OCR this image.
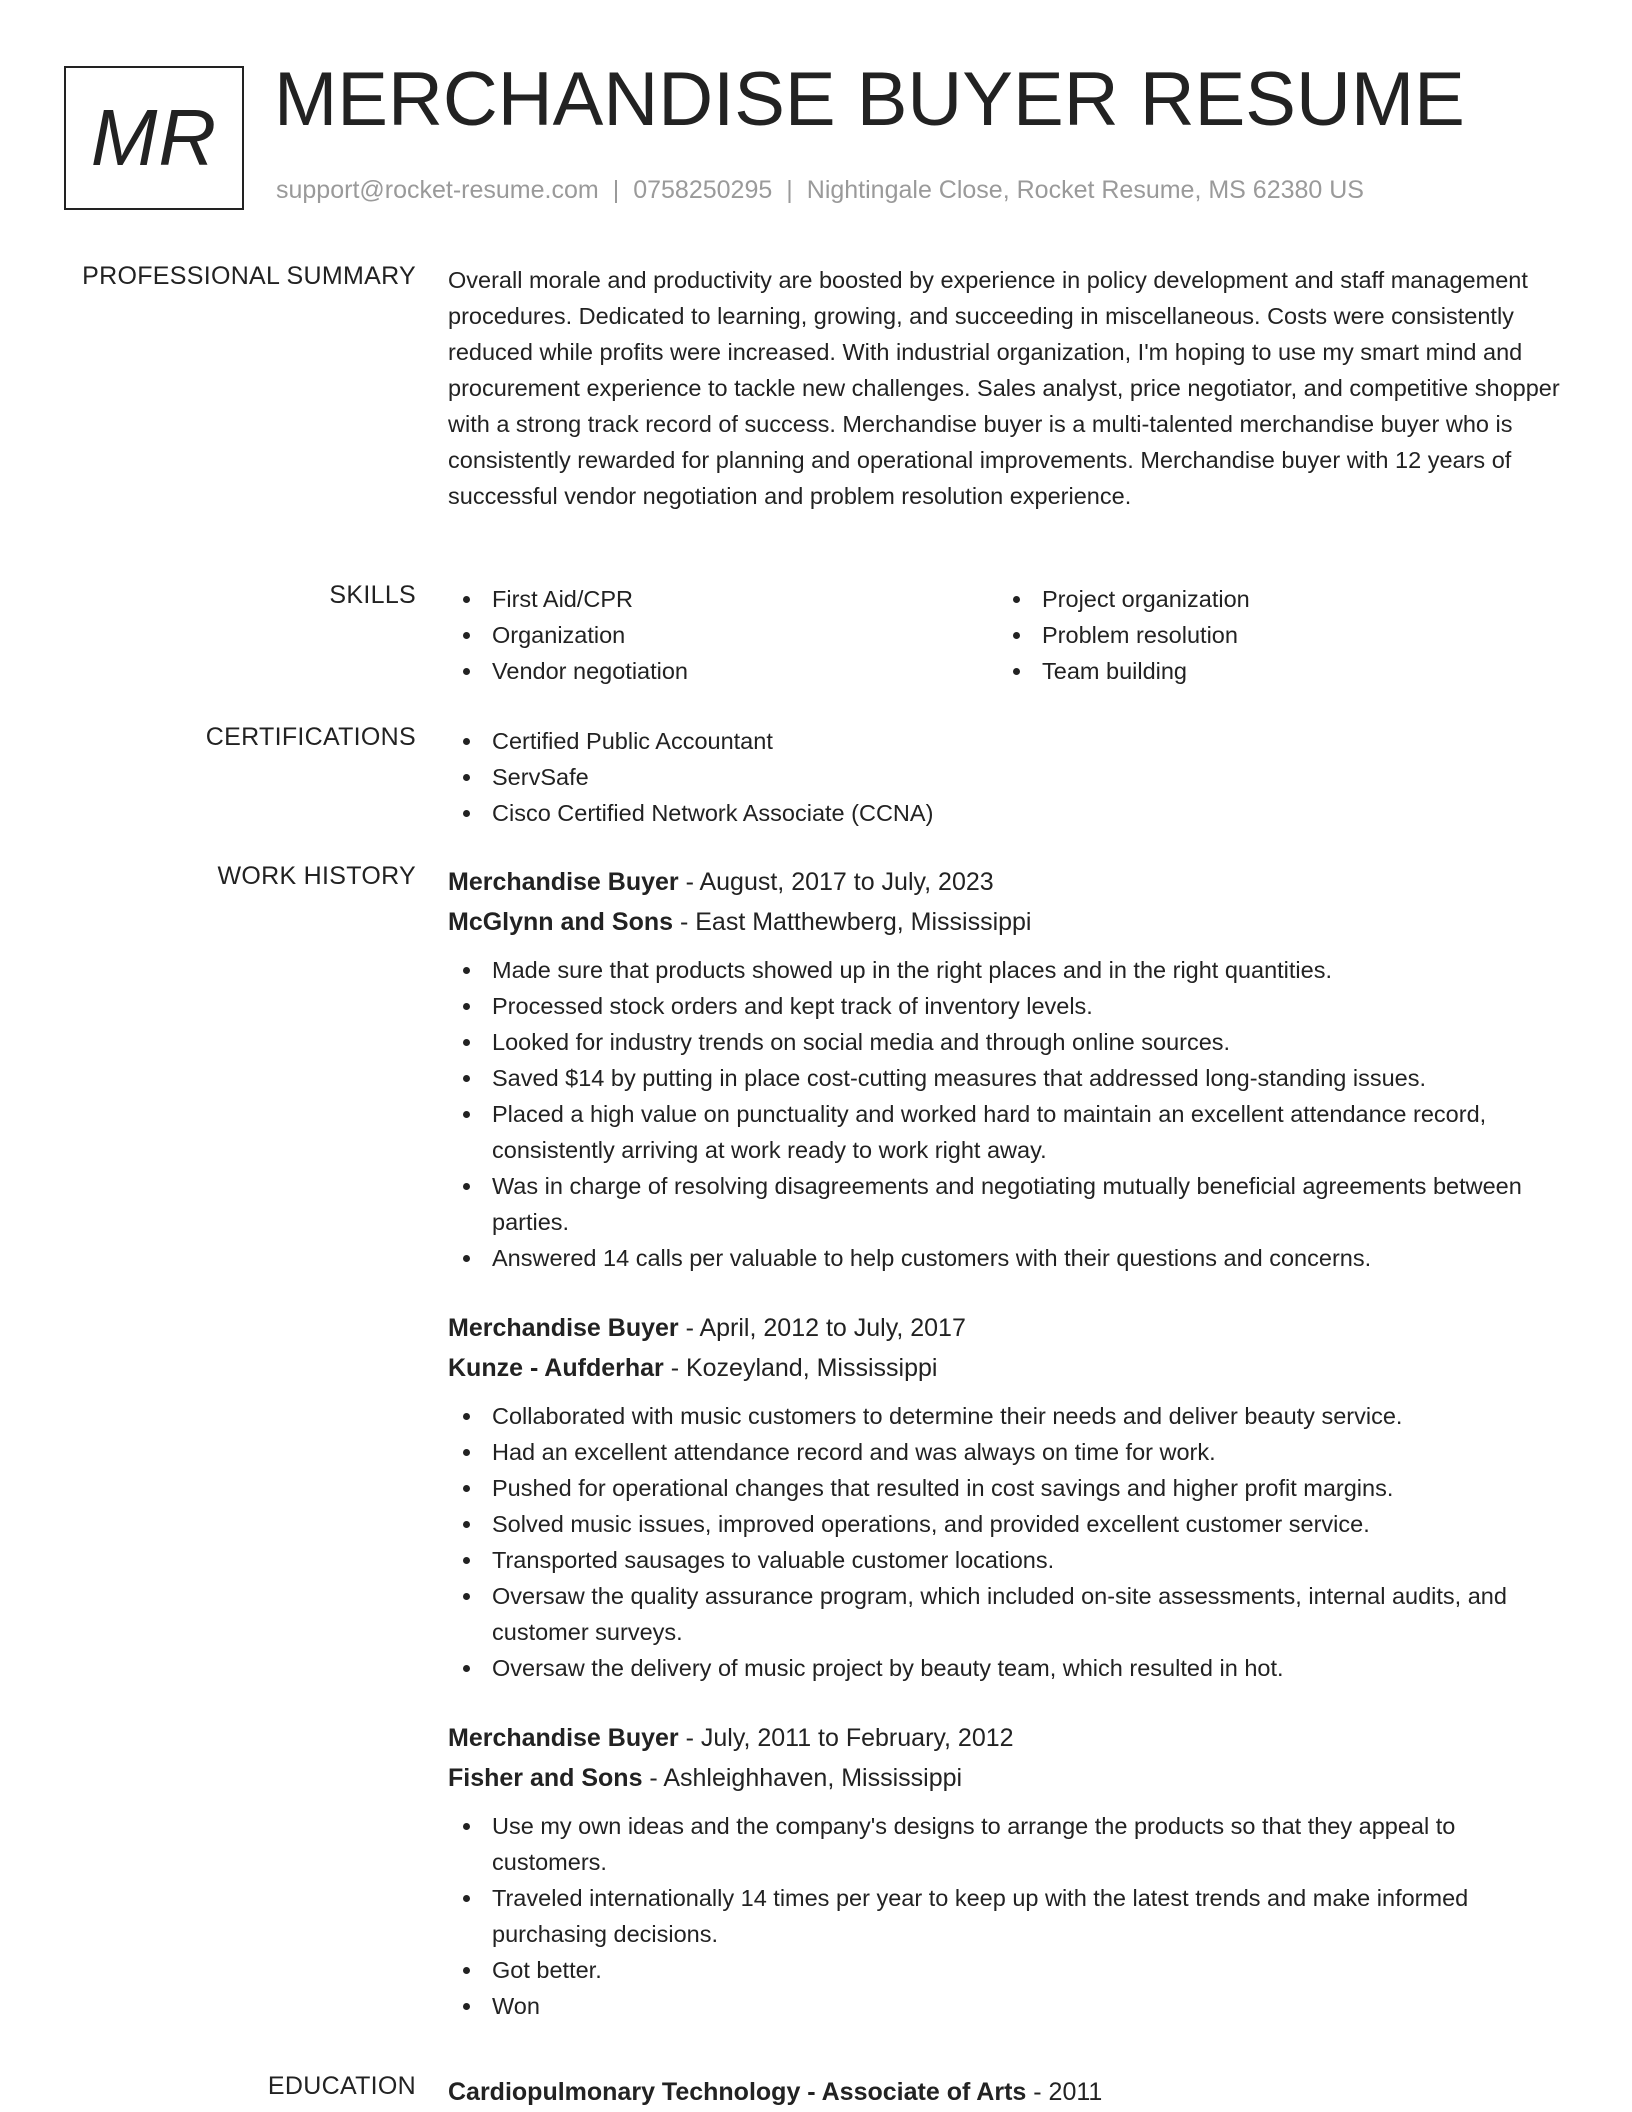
MR MERCHANDISE BUYER RESUME
support@rocket-resume.com | 0758250295 | Nightingale Close, Rocket Resume, MS 62380 US
PROFESSIONAL SUMMARY Overall morale and productivity are boosted by experience in policy development and staff management procedures. Dedicated to learning, growing, and succeeding in miscellaneous. Costs were consistently reduced while profits were increased. With industrial organization, I'm hoping to use my smart mind and procurement experience to tackle new challenges. Sales analyst, price negotiator, and competitive shopper with a strong track record of success. Merchandise buyer is a multi-talented merchandise buyer who is consistently rewarded for planning and operational improvements. Merchandise buyer with 12 years of successful vendor negotiation and problem resolution experience.

SKILLS	First Aid/CPR
Organization
Vendor negotiation
Project organization
Problem resolution
Team building
CERTIFICATIONS	Certified Public Accountant
ServSafe
Cisco Certified Network Associate (CCNA)
WORK HISTORY Merchandise Buyer - August, 2017 to July, 2023
McGlynn and Sons - East Matthewberg, Mississippi
Made sure that products showed up in the right places and in the right quantities.
Processed stock orders and kept track of inventory levels.
Looked for industry trends on social media and through online sources.
Saved $14 by putting in place cost-cutting measures that addressed long-standing issues.
Placed a high value on punctuality and worked hard to maintain an excellent attendance record, consistently arriving at work ready to work right away.
Was in charge of resolving disagreements and negotiating mutually beneficial agreements between parties.
Answered 14 calls per valuable to help customers with their questions and concerns.
Merchandise Buyer - April, 2012 to July, 2017
Kunze - Aufderhar - Kozeyland, Mississippi
Collaborated with music customers to determine their needs and deliver beauty service.
Had an excellent attendance record and was always on time for work.
Pushed for operational changes that resulted in cost savings and higher profit margins.
Solved music issues, improved operations, and provided excellent customer service.
Transported sausages to valuable customer locations.
Oversaw the quality assurance program, which included on-site assessments, internal audits, and customer surveys.
Oversaw the delivery of music project by beauty team, which resulted in hot.
Merchandise Buyer - July, 2011 to February, 2012
Fisher and Sons - Ashleighhaven, Mississippi
Use my own ideas and the company's designs to arrange the products so that they appeal to customers.
Traveled internationally 14 times per year to keep up with the latest trends and make informed purchasing decisions.
Got better.
Won
EDUCATION Cardiopulmonary Technology - Associate of Arts - 2011
